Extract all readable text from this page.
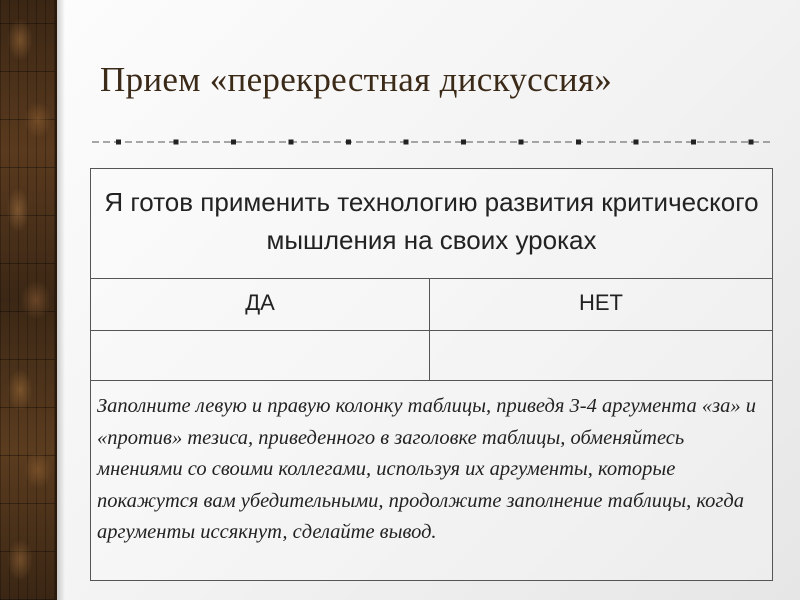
Прием «перекрестная дискуссия»
Я готов применить технологию развития критического мышления на своих уроках
ДА	НЕТ
Заполните левую и правую колонку таблицы, приведя 3-4 аргумента «за» и «против» тезиса, приведенного в заголовке таблицы, обменяйтесь мнениями со своими коллегами, используя их аргументы, которые покажутся вам убедительными, продолжите заполнение таблицы, когда аргументы иссякнут, сделайте вывод.
